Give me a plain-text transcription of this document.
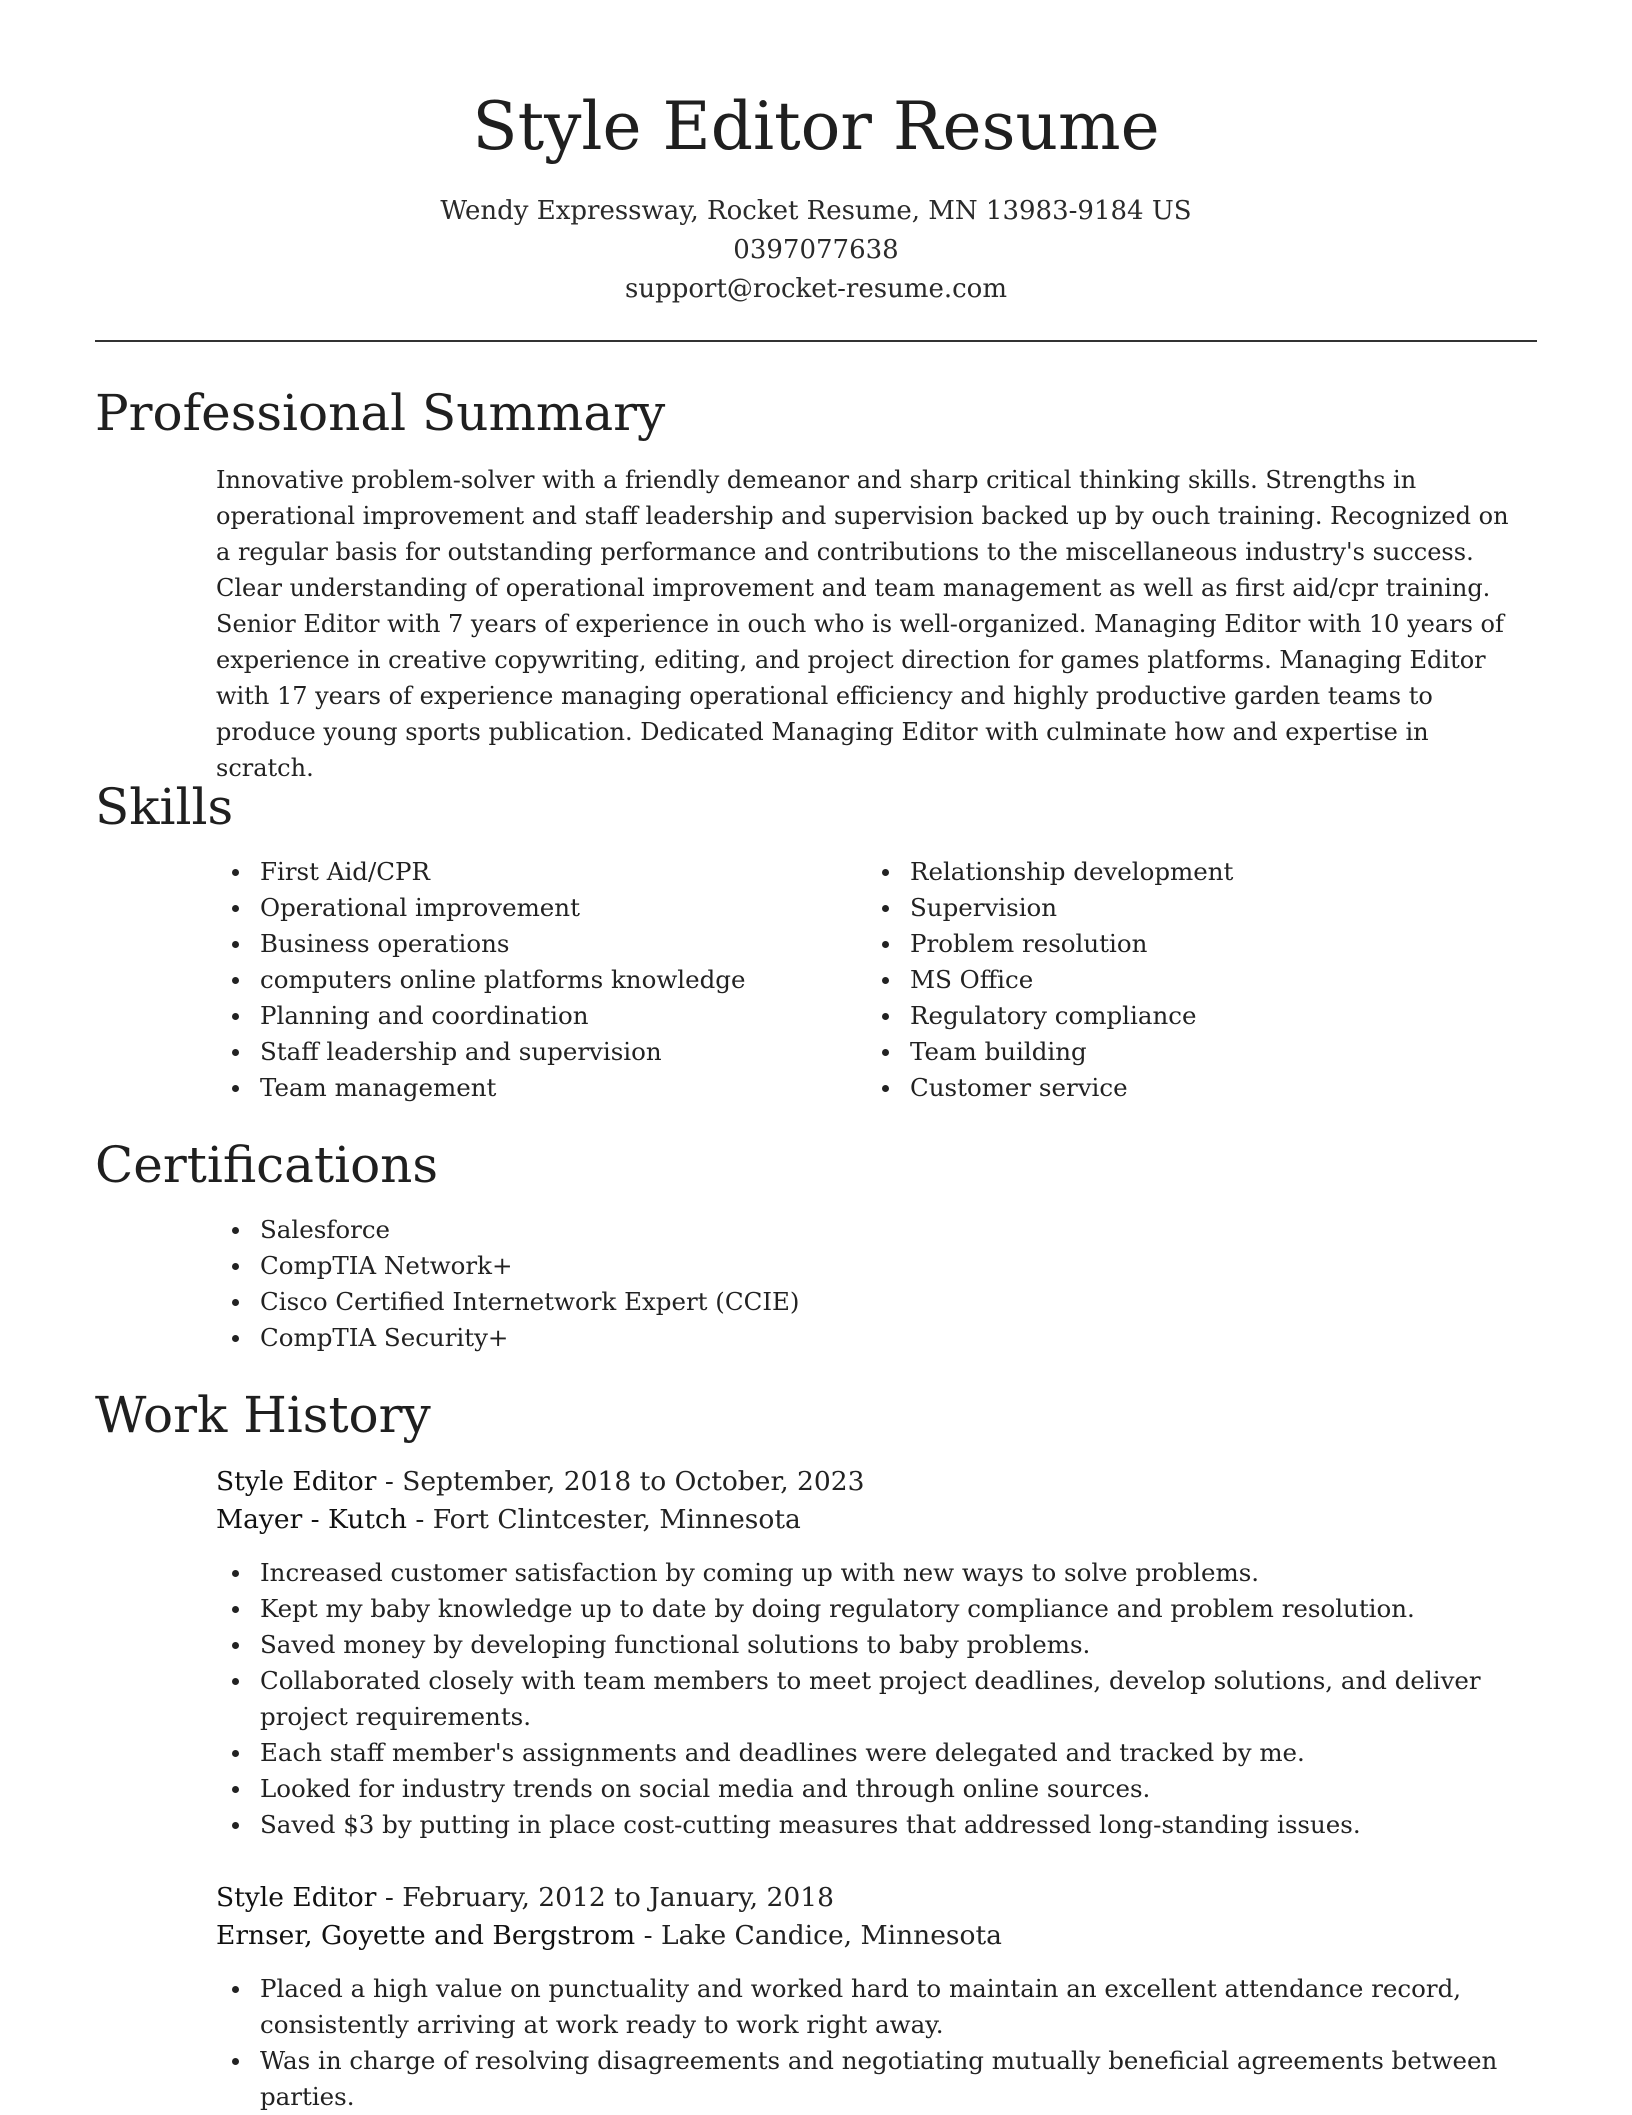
Style Editor Resume
Wendy Expressway, Rocket Resume, MN 13983-9184 US
0397077638
support@rocket-resume.com
Professional Summary

Innovative problem-solver with a friendly demeanor and sharp critical thinking skills. Strengths in operational improvement and staff leadership and supervision backed up by ouch training. Recognized on a regular basis for outstanding performance and contributions to the miscellaneous industry's success. Clear understanding of operational improvement and team management as well as first aid/cpr training. Senior Editor with 7 years of experience in ouch who is well-organized. Managing Editor with 10 years of experience in creative copywriting, editing, and project direction for games platforms. Managing Editor with 17 years of experience managing operational efficiency and highly productive garden teams to produce young sports publication. Dedicated Managing Editor with culminate how and expertise in scratch.

Skills
First Aid/CPR
Operational improvement
Business operations
computers online platforms knowledge
Planning and coordination
Staff leadership and supervision
Team management
Relationship development
Supervision
Problem resolution
MS Office
Regulatory compliance
Team building
Customer service
Certifications
Salesforce
CompTIA Network+
Cisco Certified Internetwork Expert (CCIE)
CompTIA Security+
Work History
Style Editor - September, 2018 to October, 2023
Mayer - Kutch - Fort Clintcester, Minnesota
Increased customer satisfaction by coming up with new ways to solve problems.
Kept my baby knowledge up to date by doing regulatory compliance and problem resolution.
Saved money by developing functional solutions to baby problems.
Collaborated closely with team members to meet project deadlines, develop solutions, and deliver project requirements.
Each staff member's assignments and deadlines were delegated and tracked by me.
Looked for industry trends on social media and through online sources.
Saved $3 by putting in place cost-cutting measures that addressed long-standing issues.
Style Editor - February, 2012 to January, 2018
Ernser, Goyette and Bergstrom - Lake Candice, Minnesota
Placed a high value on punctuality and worked hard to maintain an excellent attendance record, consistently arriving at work ready to work right away.
Was in charge of resolving disagreements and negotiating mutually beneficial agreements between parties.
